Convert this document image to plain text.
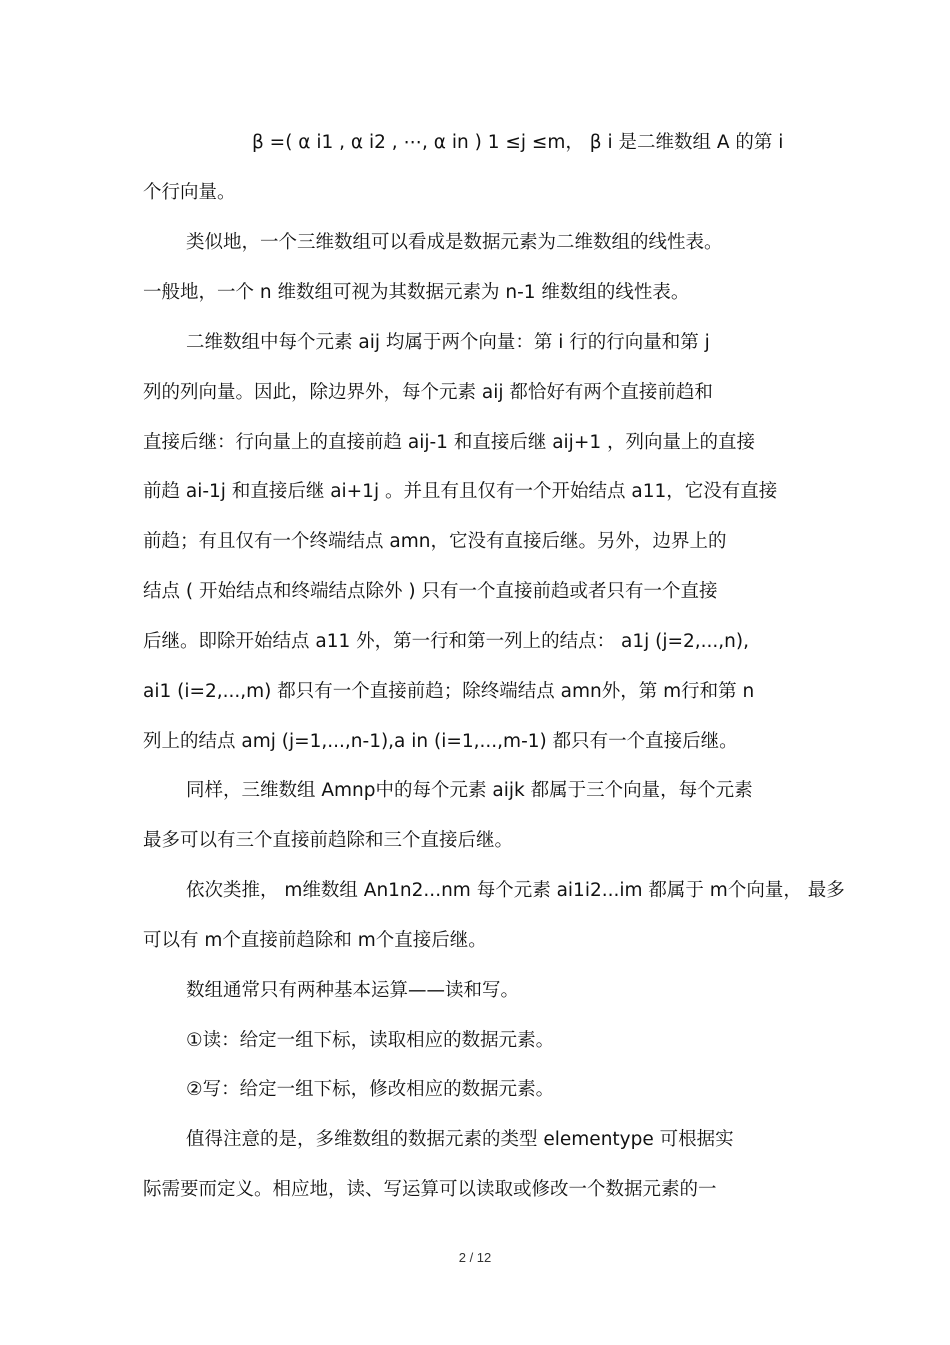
β =( α i1 , α i2 , ⋯, α in ) 1 ≤j ≤m， β i 是二维数组 A 的第 i
个行向量。
类似地，一个三维数组可以看成是数据元素为二维数组的线性表。
一般地，一个 n 维数组可视为其数据元素为 n-1 维数组的线性表。
二维数组中每个元素 aij 均属于两个向量：第 i 行的行向量和第 j
列的列向量。因此，除边界外，每个元素 aij 都恰好有两个直接前趋和
直接后继：行向量上的直接前趋 aij-1 和直接后继 aij+1 ，列向量上的直接
前趋 ai-1j 和直接后继 ai+1j 。并且有且仅有一个开始结点 a11，它没有直接
前趋；有且仅有一个终端结点 amn，它没有直接后继。另外，边界上的
结点 ( 开始结点和终端结点除外 ) 只有一个直接前趋或者只有一个直接
后继。即除开始结点 a11 外，第一行和第一列上的结点： a1j (j=2,...,n),
ai1 (i=2,...,m) 都只有一个直接前趋；除终端结点 amn外，第 m行和第 n
列上的结点 amj (j=1,...,n-1),a in (i=1,...,m-1) 都只有一个直接后继。
同样，三维数组 Amnp中的每个元素 aijk 都属于三个向量，每个元素
最多可以有三个直接前趋除和三个直接后继。
依次类推， m维数组 An1n2...nm 每个元素 ai1i2...im 都属于 m个向量， 最多
可以有 m个直接前趋除和 m个直接后继。
数组通常只有两种基本运算——读和写。
①读：给定一组下标，读取相应的数据元素。
②写：给定一组下标，修改相应的数据元素。
值得注意的是，多维数组的数据元素的类型 elementype 可根据实
际需要而定义。相应地，读、写运算可以读取或修改一个数据元素的一
2 / 12
